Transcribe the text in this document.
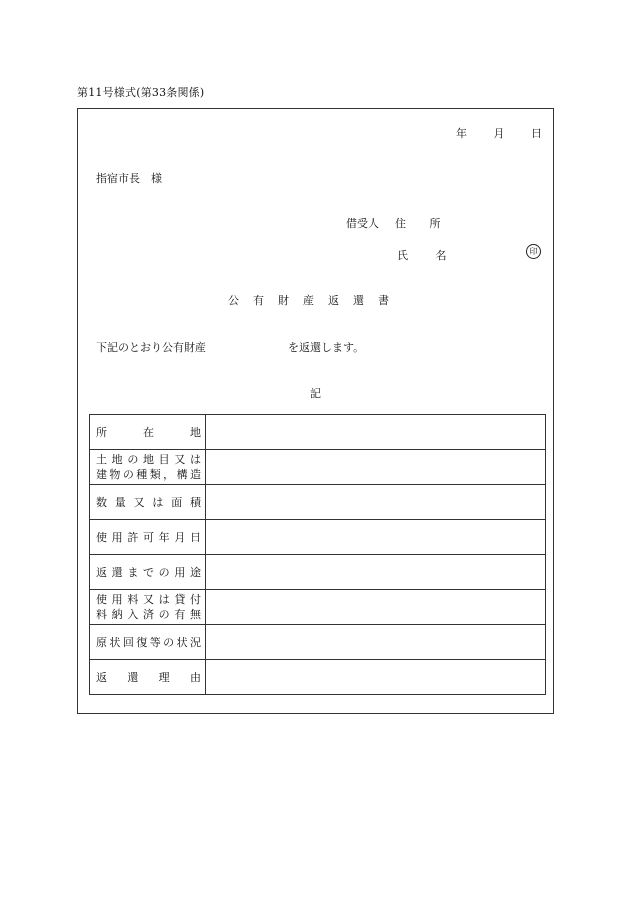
第11号様式(第33条関係)
年 月 日
指宿市長　様
借受人 住 所
氏 名	印
公有財産返還書
下記のとおり公有財産	を返還します。
記
所　　在　　地	

土地の地目又は
建物の種類，構造	

数量又は面積	

使用許可年月日	

返還までの用途	

使用料又は貸付
料納入済の有無	

原状回復等の状況	

返　還　理　由	
